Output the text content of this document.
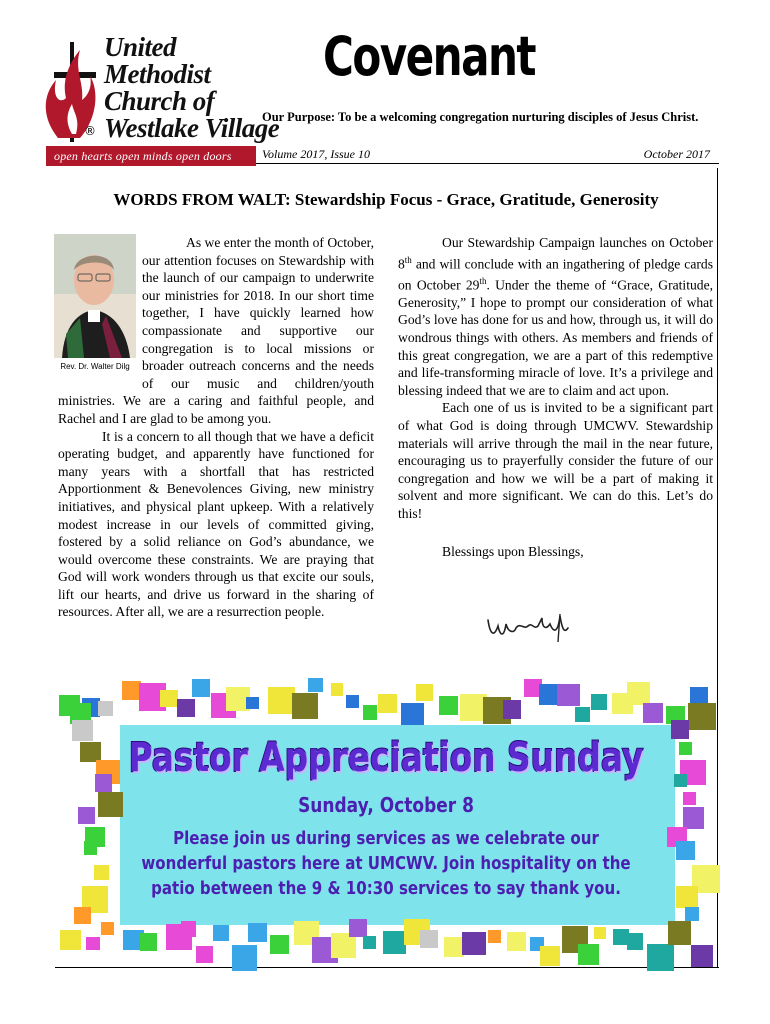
United
Methodist
Church of
Westlake Village
®
open hearts open minds open doors
Covenant
Our Purpose: To be a welcoming congregation nurturing disciples of Jesus Christ.
Volume 2017, Issue 10	October 2017
WORDS FROM WALT: Stewardship Focus - Grace, Gratitude, Generosity
Rev. Dr. Walter Dilg

As we enter the month of October, our attention focuses on Stewardship with the launch of our campaign to underwrite our ministries for 2018. In our short time together, I have quickly learned how compassionate and supportive our congregation is to local missions or broader outreach concerns and the needs of our music and children/youth ministries. We are a caring and faithful people, and Rachel and I are glad to be among you.

It is a concern to all though that we have a deficit operating budget, and apparently have functioned for many years with a shortfall that has restricted Apportionment & Benevolences Giving, new ministry initiatives, and physical plant upkeep. With a relatively modest increase in our levels of committed giving, fostered by a solid reliance on God’s abundance, we would overcome these constraints. We are praying that God will work wonders through us that excite our souls, lift our hearts, and drive us forward in the sharing of resources. After all, we are a resurrection people.

Our Stewardship Campaign launches on October 8th and will conclude with an ingathering of pledge cards on October 29th. Under the theme of “Grace, Gratitude, Generosity,” I hope to prompt our consideration of what God’s love has done for us and how, through us, it will do wondrous things with others. As members and friends of this great congregation, we are a part of this redemptive and life-transforming miracle of love. It’s a privilege and blessing indeed that we are to claim and act upon.

Each one of us is invited to be a significant part of what God is doing through UMCWV. Stewardship materials will arrive through the mail in the near future, encouraging us to prayerfully consider the future of our congregation and how we will be a part of making it solvent and more significant. We can do this. Let’s do this!

Blessings upon Blessings,

Pastor Appreciation Sunday
Sunday, October 8
Please join us during services as we celebrate our
wonderful pastors here at UMCWV. Join hospitality on the
patio between the 9 & 10:30 services to say thank you.
